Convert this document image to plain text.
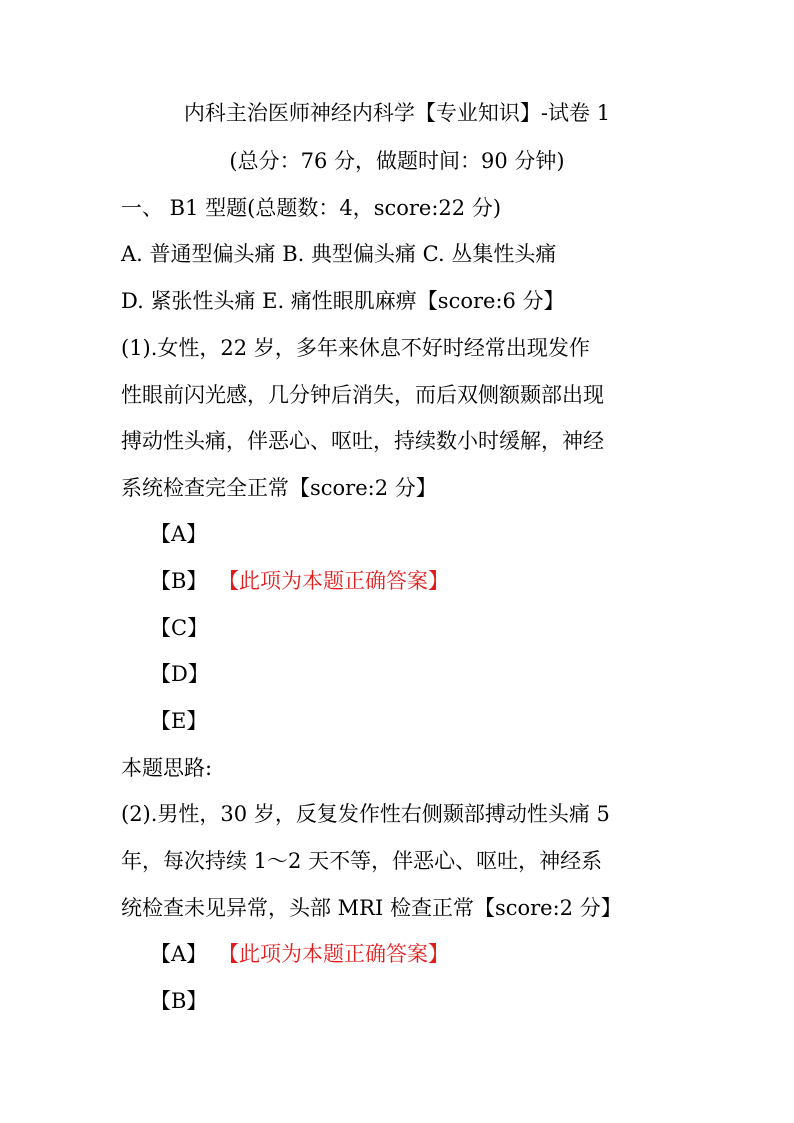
内科主治医师神经内科学【专业知识】-试卷 1
(总分：76 分，做题时间：90 分钟)
一、 B1 型题(总题数：4，score:22 分)
A. 普通型偏头痛 B. 典型偏头痛 C. 丛集性头痛
D. 紧张性头痛 E. 痛性眼肌麻痹【score:6 分】
(1).女性，22 岁，多年来休息不好时经常出现发作
性眼前闪光感，几分钟后消失，而后双侧额颞部出现
搏动性头痛，伴恶心、呕吐，持续数小时缓解，神经
系统检查完全正常【score:2 分】
【A】
【B】 【此项为本题正确答案】
【C】
【D】
【E】
本题思路:
(2).男性，30 岁，反复发作性右侧颞部搏动性头痛 5
年，每次持续 1～2 天不等，伴恶心、呕吐，神经系
统检查未见异常，头部 MRI 检查正常【score:2 分】
【A】 【此项为本题正确答案】
【B】
